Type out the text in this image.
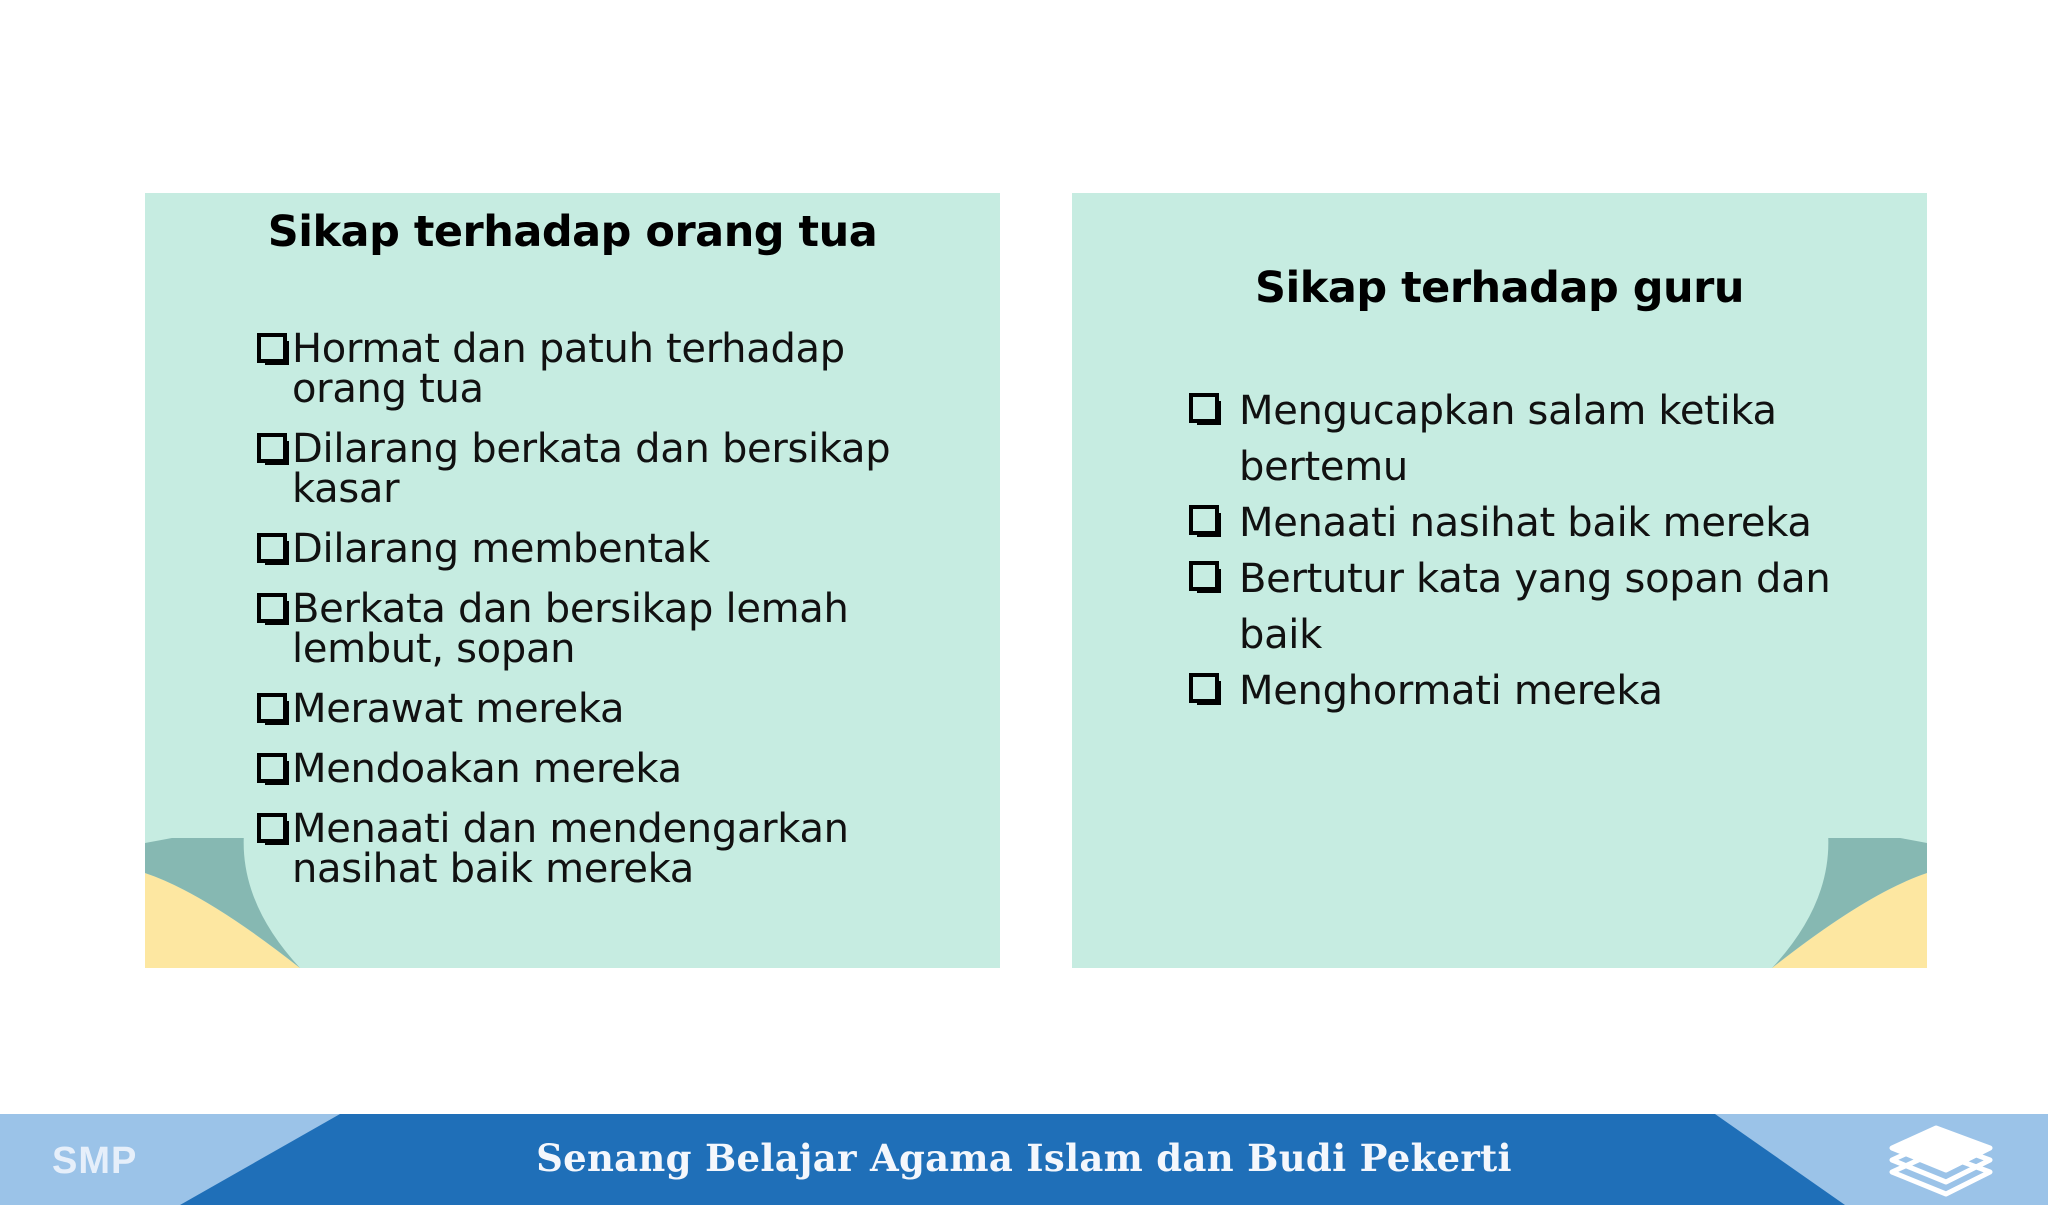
Sikap terhadap orang tua
Hormat dan patuh terhadap
orang tua
Dilarang berkata dan bersikap
kasar
Dilarang membentak
Berkata dan bersikap lemah
lembut, sopan
Merawat mereka
Mendoakan mereka
Menaati dan mendengarkan
nasihat baik mereka
Sikap terhadap guru
Mengucapkan salam ketika
bertemu
Menaati nasihat baik mereka
Bertutur kata yang sopan dan
baik
Menghormati mereka
SMP	Senang Belajar Agama Islam dan Budi Pekerti
